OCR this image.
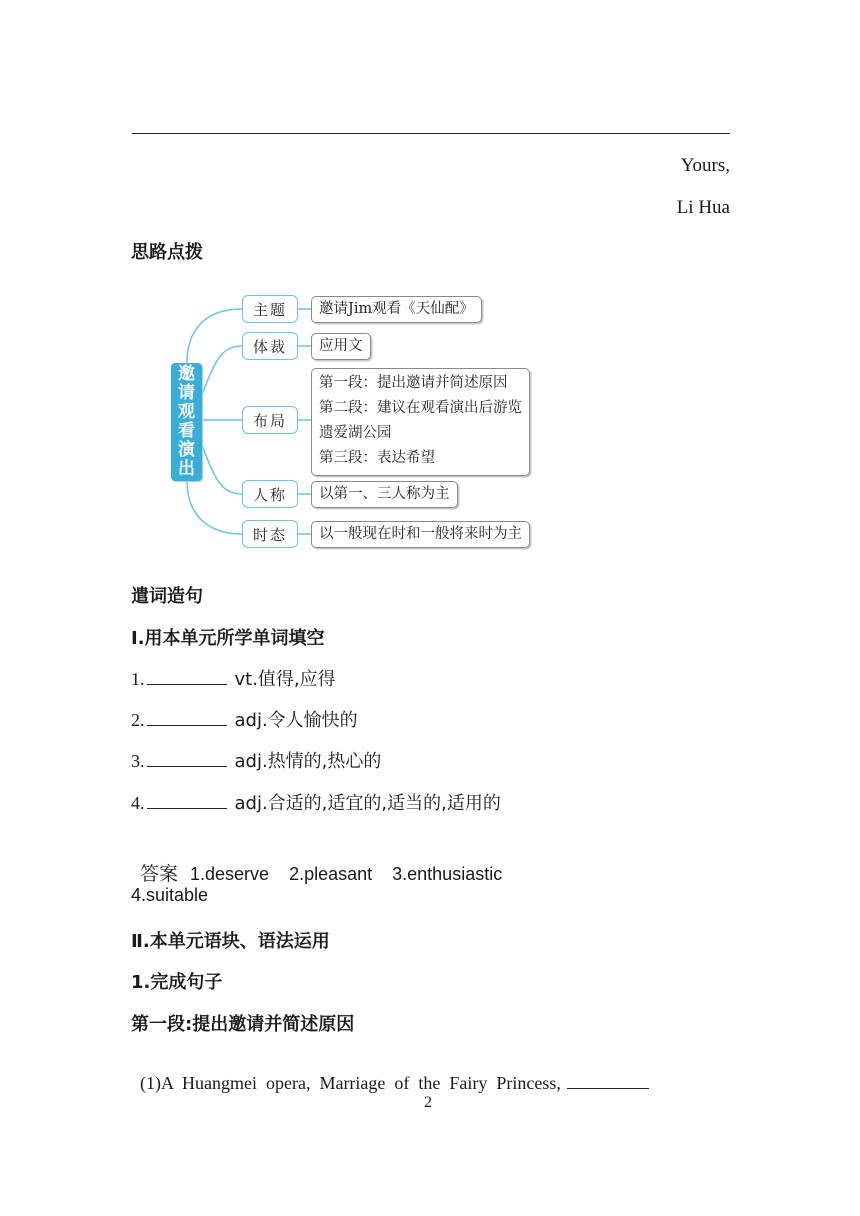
Yours,
Li Hua
思路点拨
邀
请
观
看
演
出
主题
体裁
布局
人称
时态
邀请Jim观看《天仙配》
应用文
第一段：提出邀请并简述原因
第二段：建议在观看演出后游览
遗爱湖公园
第三段：表达希望
以第一、三人称为主
以一般现在时和一般将来时为主
遣词造句
Ⅰ.用本单元所学单词填空
1.	vt.值得,应得
2.	adj.令人愉快的
3.	adj.热情的,热心的
4.	adj.合适的,适宜的,适当的,适用的

答案 1.deserve    2.pleasant    3.enthusiastic

4.suitable
Ⅱ.本单元语块、语法运用
1.完成句子
第一段:提出邀请并简述原因

(1)A  Huangmei  opera,  Marriage  of  the  Fairy  Princess,

2
